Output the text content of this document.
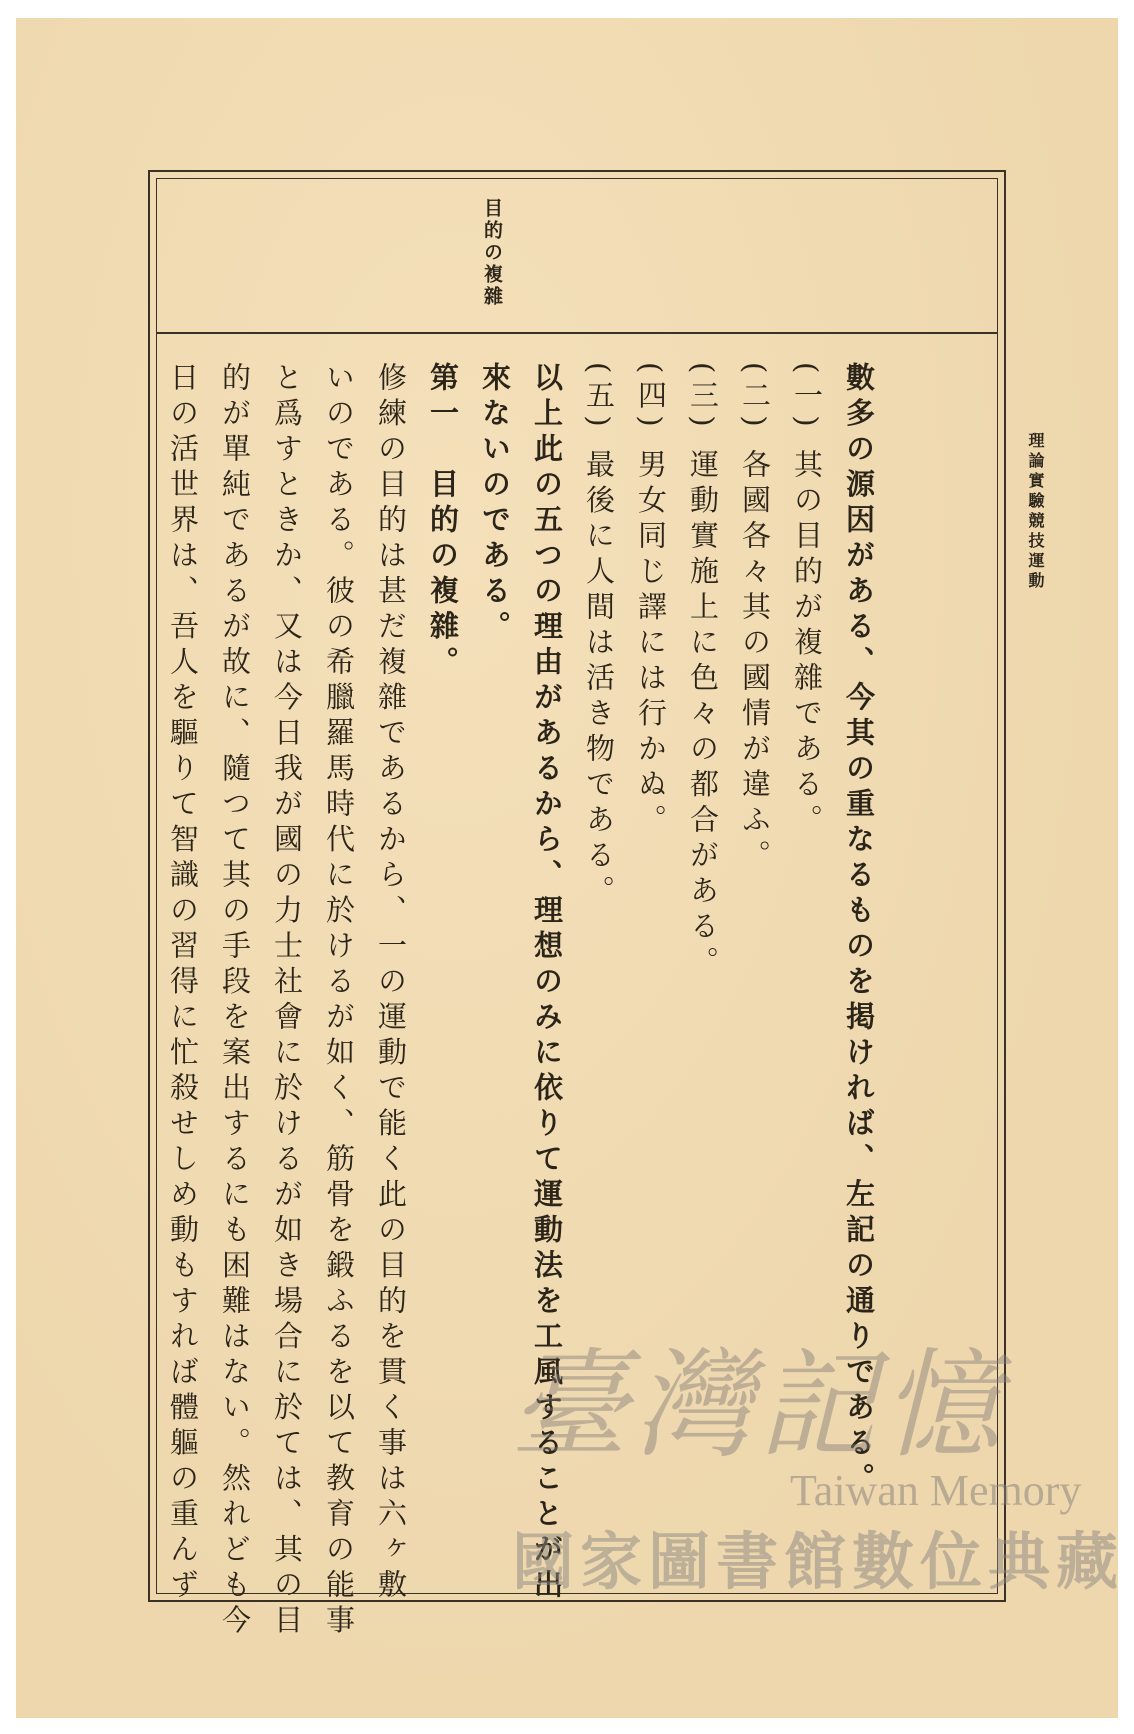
理論實驗競技運動
目的の複雜
數多の源因がある、今其の重なるものを掲ければ、左記の通りである。
(一) 其の目的が複雜である。
(二) 各國各々其の國情が違ふ。
(三) 運動實施上に色々の都合がある。
(四) 男女同じ譯には行かぬ。
(五) 最後に人間は活き物である。
以上此の五つの理由があるから、理想のみに依りて運動法を工風することが出
來ないのである。
第一　目的の複雜。
修練の目的は甚だ複雜であるから、一の運動で能く此の目的を貫く事は六ヶ敷
いのである。彼の希臘羅馬時代に於けるが如く、筋骨を鍛ふるを以て教育の能事
と爲すときか、又は今日我が國の力士社會に於けるが如き場合に於ては、其の目
的が單純であるが故に、隨つて其の手段を案出するにも困難はない。然れども今
日の活世界は、吾人を驅りて智識の習得に忙殺せしめ動もすれば體軀の重んず	臺灣記憶
Taiwan Memory
國家圖書館數位典藏
